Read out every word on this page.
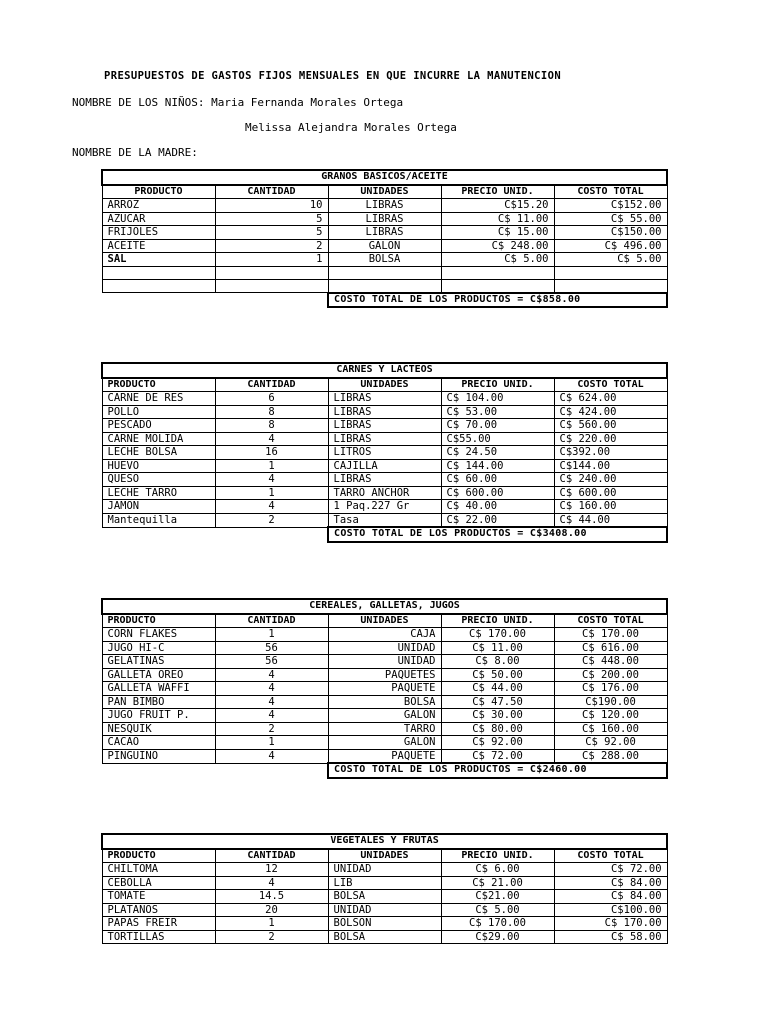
PRESUPUESTOS DE GASTOS FIJOS MENSUALES EN QUE INCURRE LA MANUTENCION
NOMBRE DE LOS NIÑOS: Maria Fernanda Morales Ortega
Melissa Alejandra Morales Ortega
NOMBRE DE LA MADRE:
GRANOS BASICOS/ACEITE				
PRODUCTO	CANTIDAD	UNIDADES	PRECIO UNID.	COSTO TOTAL
ARROZ	10	LIBRAS	C$15.20	C$152.00
AZUCAR	5	LIBRAS	C$ 11.00	C$ 55.00
FRIJOLES	5	LIBRAS	C$ 15.00	C$150.00
ACEITE	2	GALON	C$ 248.00	C$ 496.00
SAL	1	BOLSA	C$ 5.00	C$ 5.00

		COSTO TOTAL DE LOS PRODUCTOS = C$858.00		
CARNES Y LACTEOS				
PRODUCTO	CANTIDAD	UNIDADES	PRECIO UNID.	COSTO TOTAL
CARNE DE RES	6	LIBRAS	C$ 104.00	C$ 624.00
POLLO	8	LIBRAS	C$ 53.00	C$ 424.00
PESCADO	8	LIBRAS	C$ 70.00	C$ 560.00
CARNE MOLIDA	4	LIBRAS	C$55.00	C$ 220.00
LECHE BOLSA	16	LITROS	C$ 24.50	C$392.00
HUEVO	1	CAJILLA	C$ 144.00	C$144.00
QUESO	4	LIBRAS	C$ 60.00	C$ 240.00
LECHE TARRO	1	TARRO ANCHOR	C$ 600.00	C$ 600.00
JAMON	4	1 Paq.227 Gr	C$ 40.00	C$ 160.00
Mantequilla	2	Tasa	C$ 22.00	C$ 44.00
		COSTO TOTAL DE LOS PRODUCTOS = C$3408.00		
CEREALES, GALLETAS, JUGOS				
PRODUCTO	CANTIDAD	UNIDADES	PRECIO UNID.	COSTO TOTAL
CORN FLAKES	1	CAJA	C$ 170.00	C$ 170.00
JUGO HI-C	56	UNIDAD	C$ 11.00	C$ 616.00
GELATINAS	56	UNIDAD	C$ 8.00	C$ 448.00
GALLETA OREO	4	PAQUETES	C$ 50.00	C$ 200.00
GALLETA WAFFI	4	PAQUETE	C$ 44.00	C$ 176.00
PAN BIMBO	4	BOLSA	C$ 47.50	C$190.00
JUGO FRUIT P.	4	GALON	C$ 30.00	C$ 120.00
NESQUIK	2	TARRO	C$ 80.00	C$ 160.00
CACAO	1	GALON	C$ 92.00	C$ 92.00
PINGUINO	4	PAQUETE	C$ 72.00	C$ 288.00
		COSTO TOTAL DE LOS PRODUCTOS = C$2460.00		
VEGETALES Y FRUTAS				
PRODUCTO	CANTIDAD	UNIDADES	PRECIO UNID.	COSTO TOTAL
CHILTOMA	12	UNIDAD	C$ 6.00	C$ 72.00
CEBOLLA	4	LIB	C$ 21.00	C$ 84.00
TOMATE	14.5	BOLSA	C$21.00	C$ 84.00
PLATANOS	20	UNIDAD	C$ 5.00	C$100.00
PAPAS FREIR	1	BOLSON	C$ 170.00	C$ 170.00
TORTILLAS	2	BOLSA	C$29.00	C$ 58.00
